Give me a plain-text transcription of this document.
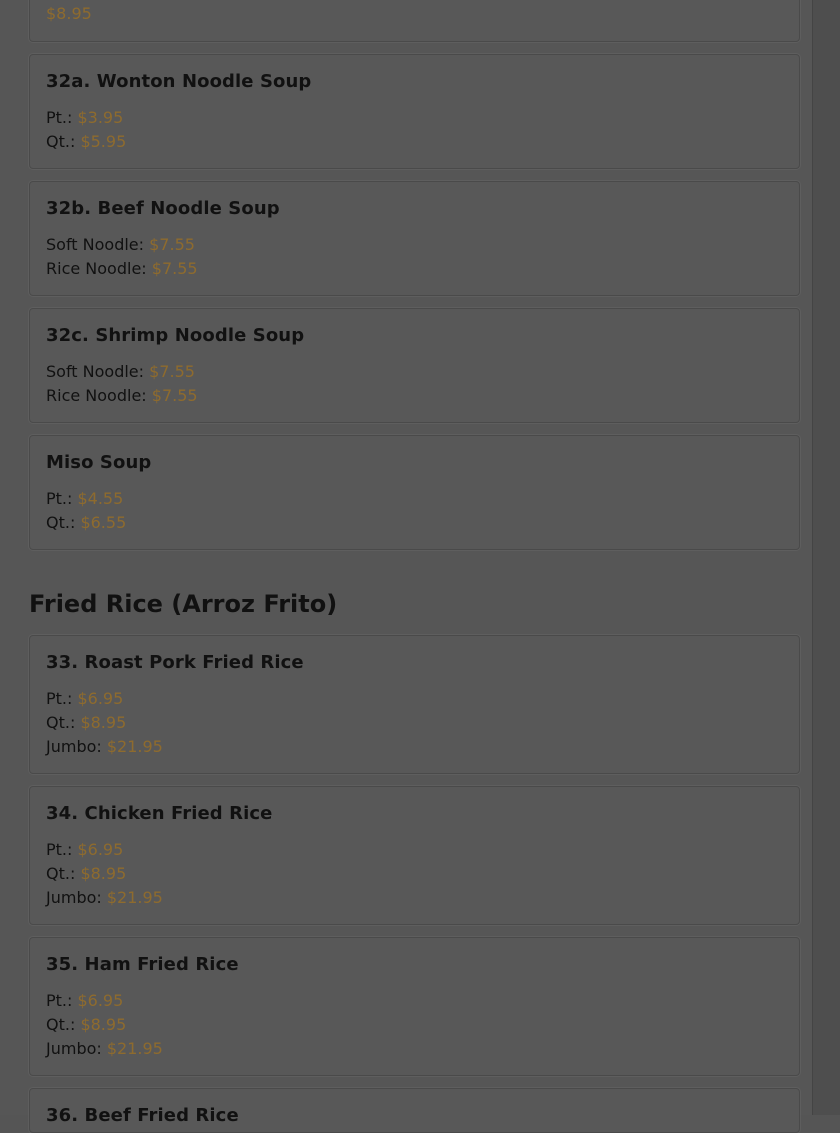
$8.95
32a. Wonton Noodle Soup
Pt.: $3.95
Qt.: $5.95
32b. Beef Noodle Soup
Soft Noodle: $7.55
Rice Noodle: $7.55
32c. Shrimp Noodle Soup
Soft Noodle: $7.55
Rice Noodle: $7.55
Miso Soup
Pt.: $4.55
Qt.: $6.55
Fried Rice (Arroz Frito)
33. Roast Pork Fried Rice
Pt.: $6.95
Qt.: $8.95
Jumbo: $21.95
34. Chicken Fried Rice
Pt.: $6.95
Qt.: $8.95
Jumbo: $21.95
35. Ham Fried Rice
Pt.: $6.95
Qt.: $8.95
Jumbo: $21.95
36. Beef Fried Rice
